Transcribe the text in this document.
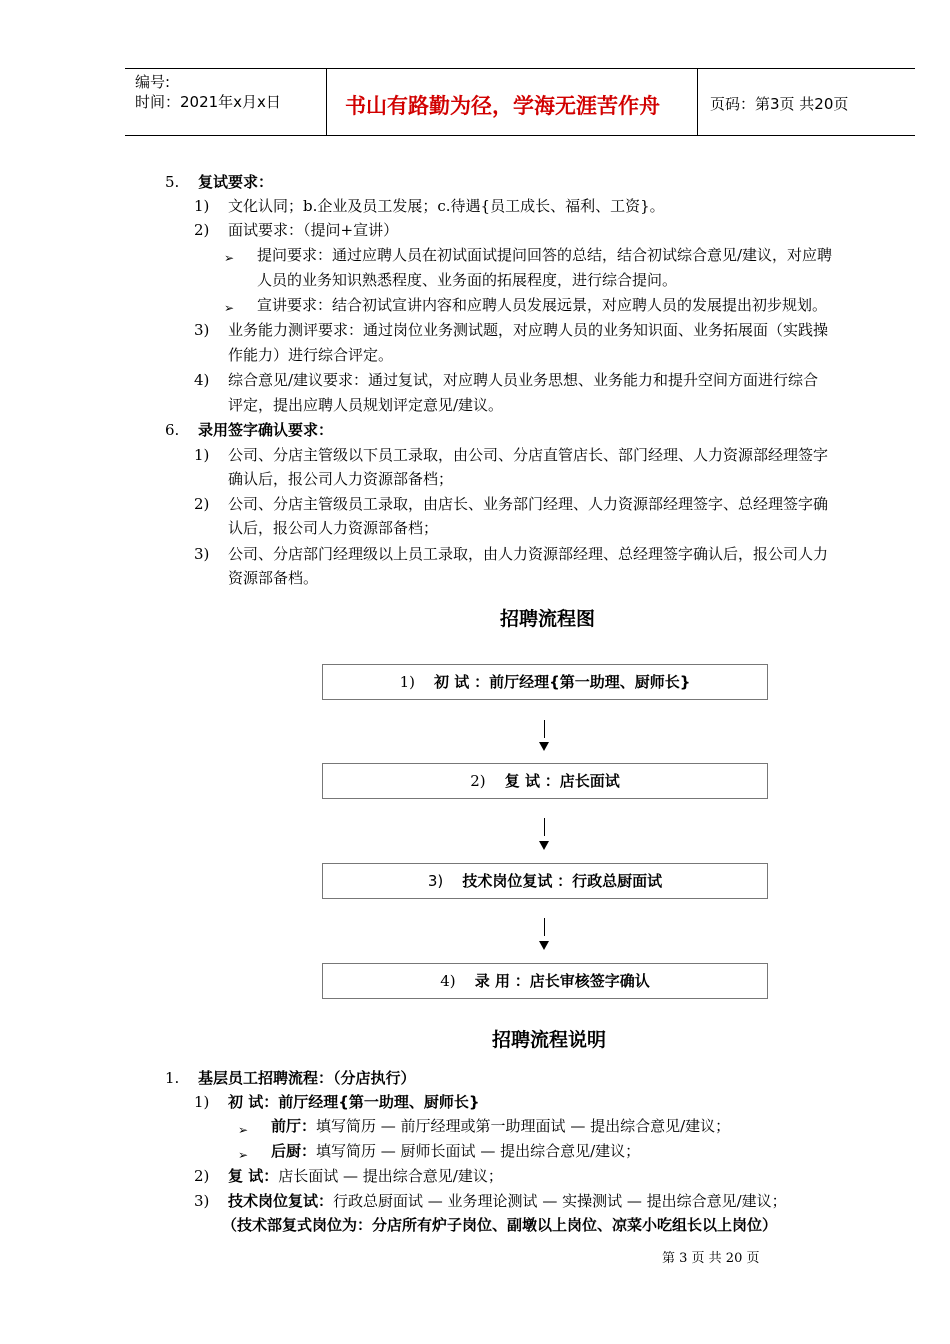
编号:
时间：2021年x月x日	书山有路勤为径，学海无涯苦作舟	页码：第3页 共20页
5. 复试要求：
1) 文化认同；b.企业及员工发展；c.待遇{员工成长、福利、工资}。
2) 面试要求：（提问+宣讲）
➢ 提问要求：通过应聘人员在初试面试提问回答的总结，结合初试综合意见/建议，对应聘
人员的业务知识熟悉程度、业务面的拓展程度，进行综合提问。
➢ 宣讲要求：结合初试宣讲内容和应聘人员发展远景，对应聘人员的发展提出初步规划。
3) 业务能力测评要求：通过岗位业务测试题，对应聘人员的业务知识面、业务拓展面（实践操
作能力）进行综合评定。
4) 综合意见/建议要求：通过复试，对应聘人员业务思想、业务能力和提升空间方面进行综合
评定，提出应聘人员规划评定意见/建议。
6. 录用签字确认要求：
1) 公司、分店主管级以下员工录取，由公司、分店直管店长、部门经理、人力资源部经理签字
确认后，报公司人力资源部备档；
2) 公司、分店主管级员工录取，由店长、业务部门经理、人力资源部经理签字、总经理签字确
认后，报公司人力资源部备档；
3) 公司、分店部门经理级以上员工录取，由人力资源部经理、总经理签字确认后，报公司人力
资源部备档。
招聘流程图
1) 初 试 ：前厅经理{第一助理、厨师长}
2) 复 试 ：店长面试
3) 技术岗位复试 ：行政总厨面试
4) 录 用 ：店长审核签字确认
招聘流程说明
1. 基层员工招聘流程：（分店执行）
1) 初 试：前厅经理{第一助理、厨师长}
➢ 前厅：填写简历 — 前厅经理或第一助理面试 — 提出综合意见/建议；
➢ 后厨：填写简历 — 厨师长面试 — 提出综合意见/建议；
2) 复 试：店长面试 — 提出综合意见/建议；
3) 技术岗位复试：行政总厨面试 — 业务理论测试 — 实操测试 — 提出综合意见/建议；
（技术部复式岗位为：分店所有炉子岗位、副墩以上岗位、凉菜小吃组长以上岗位）
第 3 页 共 20 页
